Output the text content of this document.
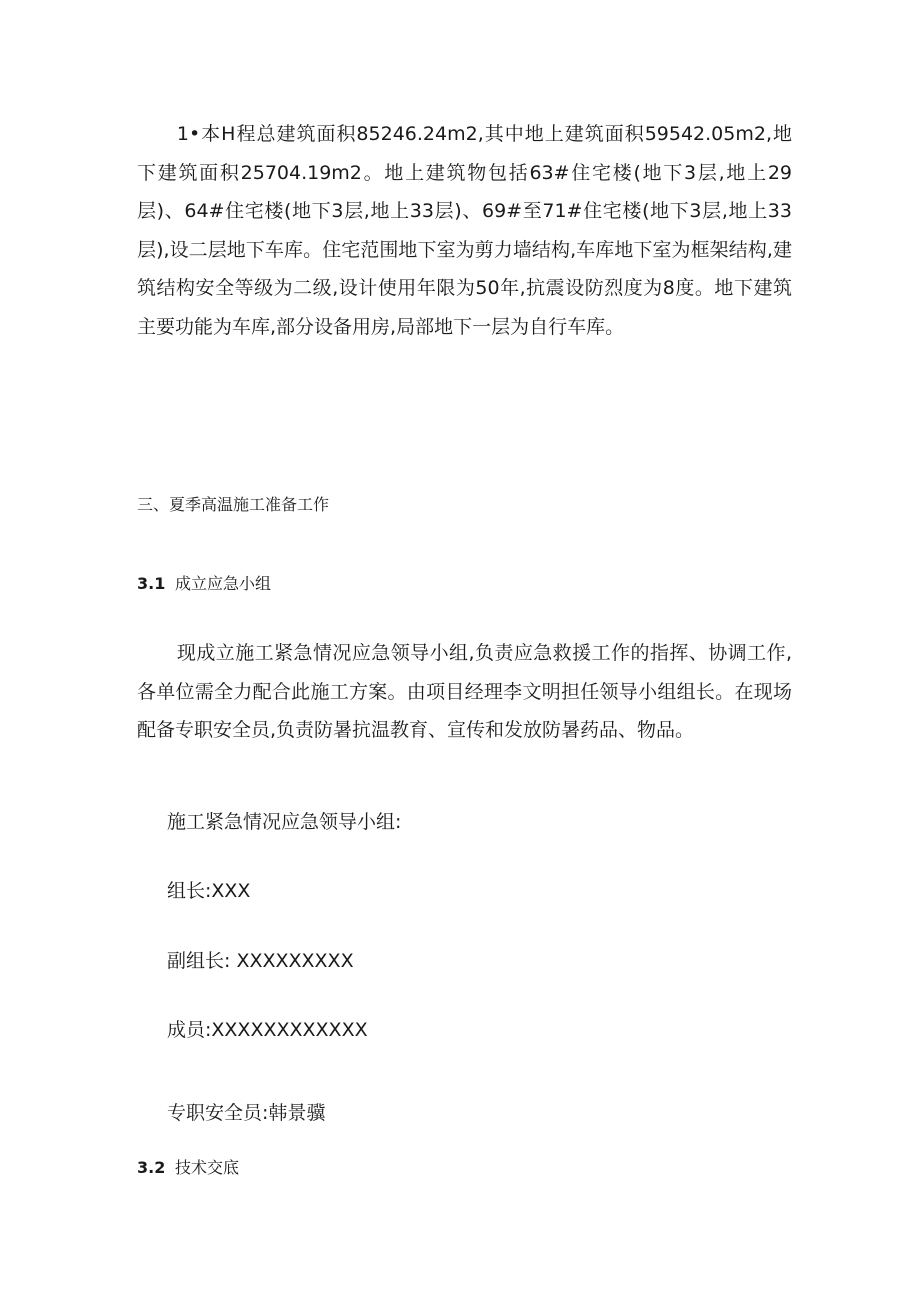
1•本H程总建筑面积85246.24m2,其中地上建筑面积59542.05m2,地下建筑面积25704.19m2。地上建筑物包括63#住宅楼(地下3层,地上29层)、64#住宅楼(地下3层,地上33层)、69#至71#住宅楼(地下3层,地上33层),设二层地下车库。住宅范围地下室为剪力墙结构,车库地下室为框架结构,建筑结构安全等级为二级,设计使用年限为50年,抗震设防烈度为8度。地下建筑主要功能为车库,部分设备用房,局部地下一层为自行车库。

三、夏季高温施工准备工作

3.1 成立应急小组

现成立施工紧急情况应急领导小组,负责应急救援工作的指挥、协调工作,各单位需全力配合此施工方案。由项目经理李文明担任领导小组组长。在现场配备专职安全员,负责防暑抗温教育、宣传和发放防暑药品、物品。

施工紧急情况应急领导小组:

组长:XXX

副组长: XXXXXXXXX

成员:XXXXXXXXXXXX

专职安全员:韩景骥

3.2 技术交底
